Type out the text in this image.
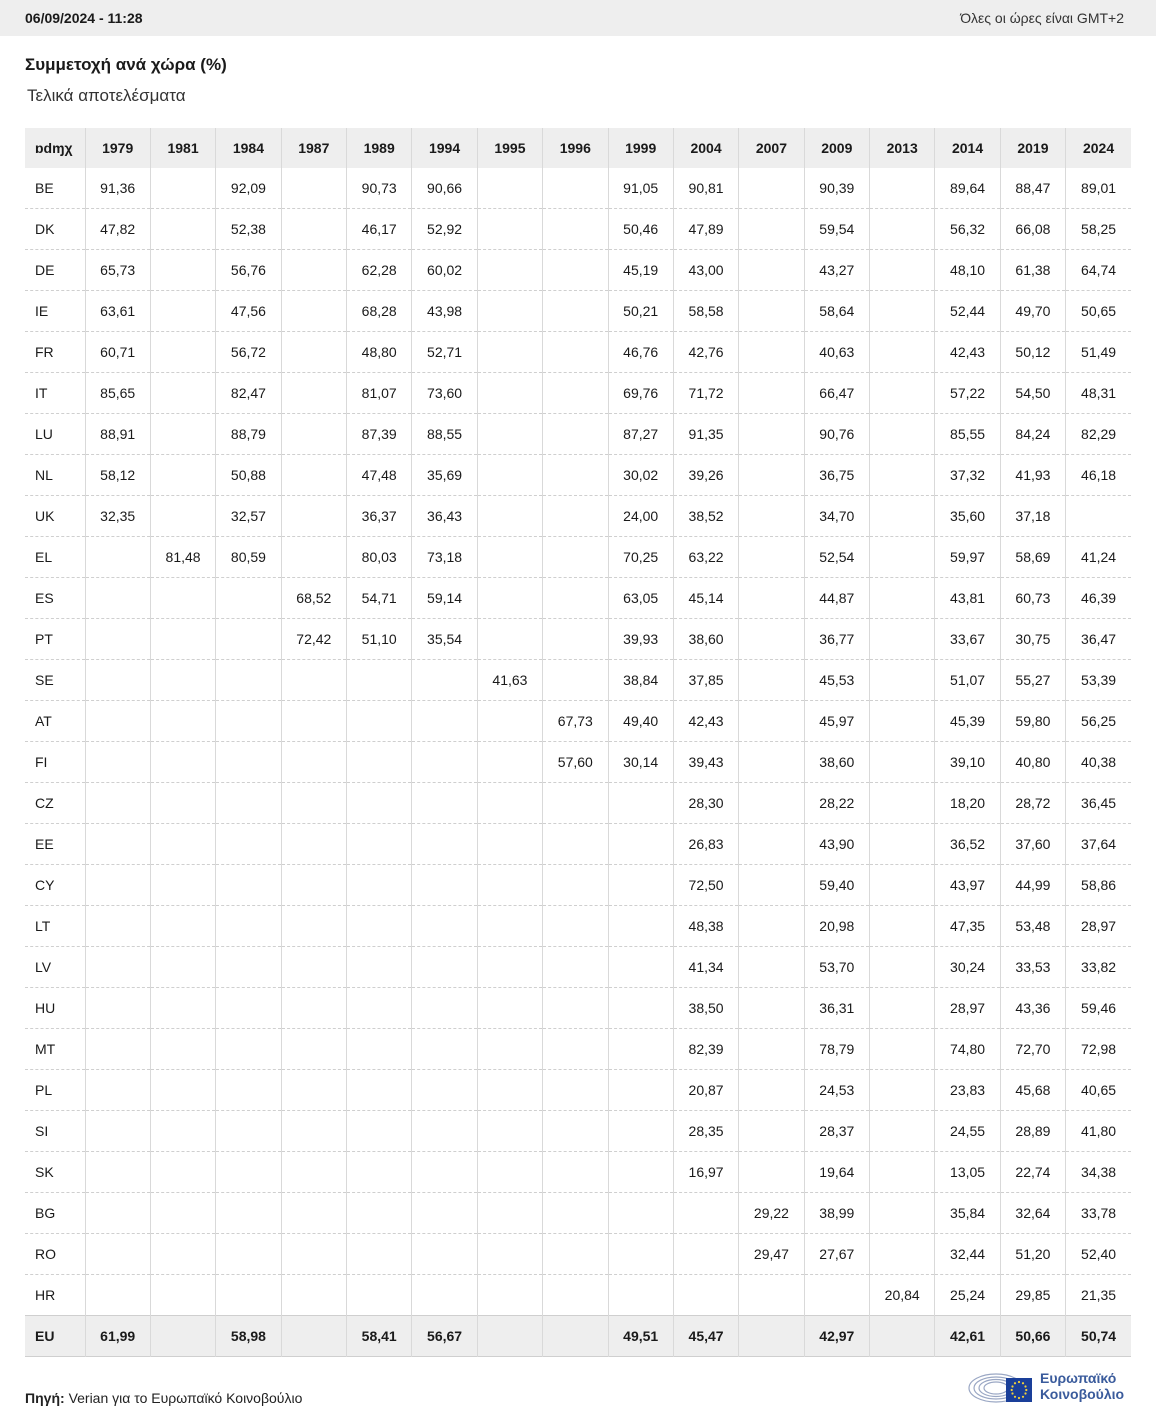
06/09/2024 - 11:28	Όλες οι ώρες είναι GMT+2
Συμμετοχή ανά χώρα (%)
Τελικά αποτελέσματα
ɒdɱχ	1979	1981	1984	1987	1989	1994	1995	1996	1999	2004	2007	2009	2013	2014	2019	2024
BE	91,36		92,09		90,73	90,66			91,05	90,81		90,39		89,64	88,47	89,01
DK	47,82		52,38		46,17	52,92			50,46	47,89		59,54		56,32	66,08	58,25
DE	65,73		56,76		62,28	60,02			45,19	43,00		43,27		48,10	61,38	64,74
IE	63,61		47,56		68,28	43,98			50,21	58,58		58,64		52,44	49,70	50,65
FR	60,71		56,72		48,80	52,71			46,76	42,76		40,63		42,43	50,12	51,49
IT	85,65		82,47		81,07	73,60			69,76	71,72		66,47		57,22	54,50	48,31
LU	88,91		88,79		87,39	88,55			87,27	91,35		90,76		85,55	84,24	82,29
NL	58,12		50,88		47,48	35,69			30,02	39,26		36,75		37,32	41,93	46,18
UK	32,35		32,57		36,37	36,43			24,00	38,52		34,70		35,60	37,18	
EL		81,48	80,59		80,03	73,18			70,25	63,22		52,54		59,97	58,69	41,24
ES				68,52	54,71	59,14			63,05	45,14		44,87		43,81	60,73	46,39
PT				72,42	51,10	35,54			39,93	38,60		36,77		33,67	30,75	36,47
SE							41,63		38,84	37,85		45,53		51,07	55,27	53,39
AT								67,73	49,40	42,43		45,97		45,39	59,80	56,25
FI								57,60	30,14	39,43		38,60		39,10	40,80	40,38
CZ										28,30		28,22		18,20	28,72	36,45
EE										26,83		43,90		36,52	37,60	37,64
CY										72,50		59,40		43,97	44,99	58,86
LT										48,38		20,98		47,35	53,48	28,97
LV										41,34		53,70		30,24	33,53	33,82
HU										38,50		36,31		28,97	43,36	59,46
MT										82,39		78,79		74,80	72,70	72,98
PL										20,87		24,53		23,83	45,68	40,65
SI										28,35		28,37		24,55	28,89	41,80
SK										16,97		19,64		13,05	22,74	34,38
BG											29,22	38,99		35,84	32,64	33,78
RO											29,47	27,67		32,44	51,20	52,40
HR													20,84	25,24	29,85	21,35
EU	61,99		58,98		58,41	56,67			49,51	45,47		42,97		42,61	50,66	50,74
Πηγή: Verian για το Ευρωπαϊκό Κοινοβούλιο
Ευρωπαϊκό
Κοινοβούλιο
